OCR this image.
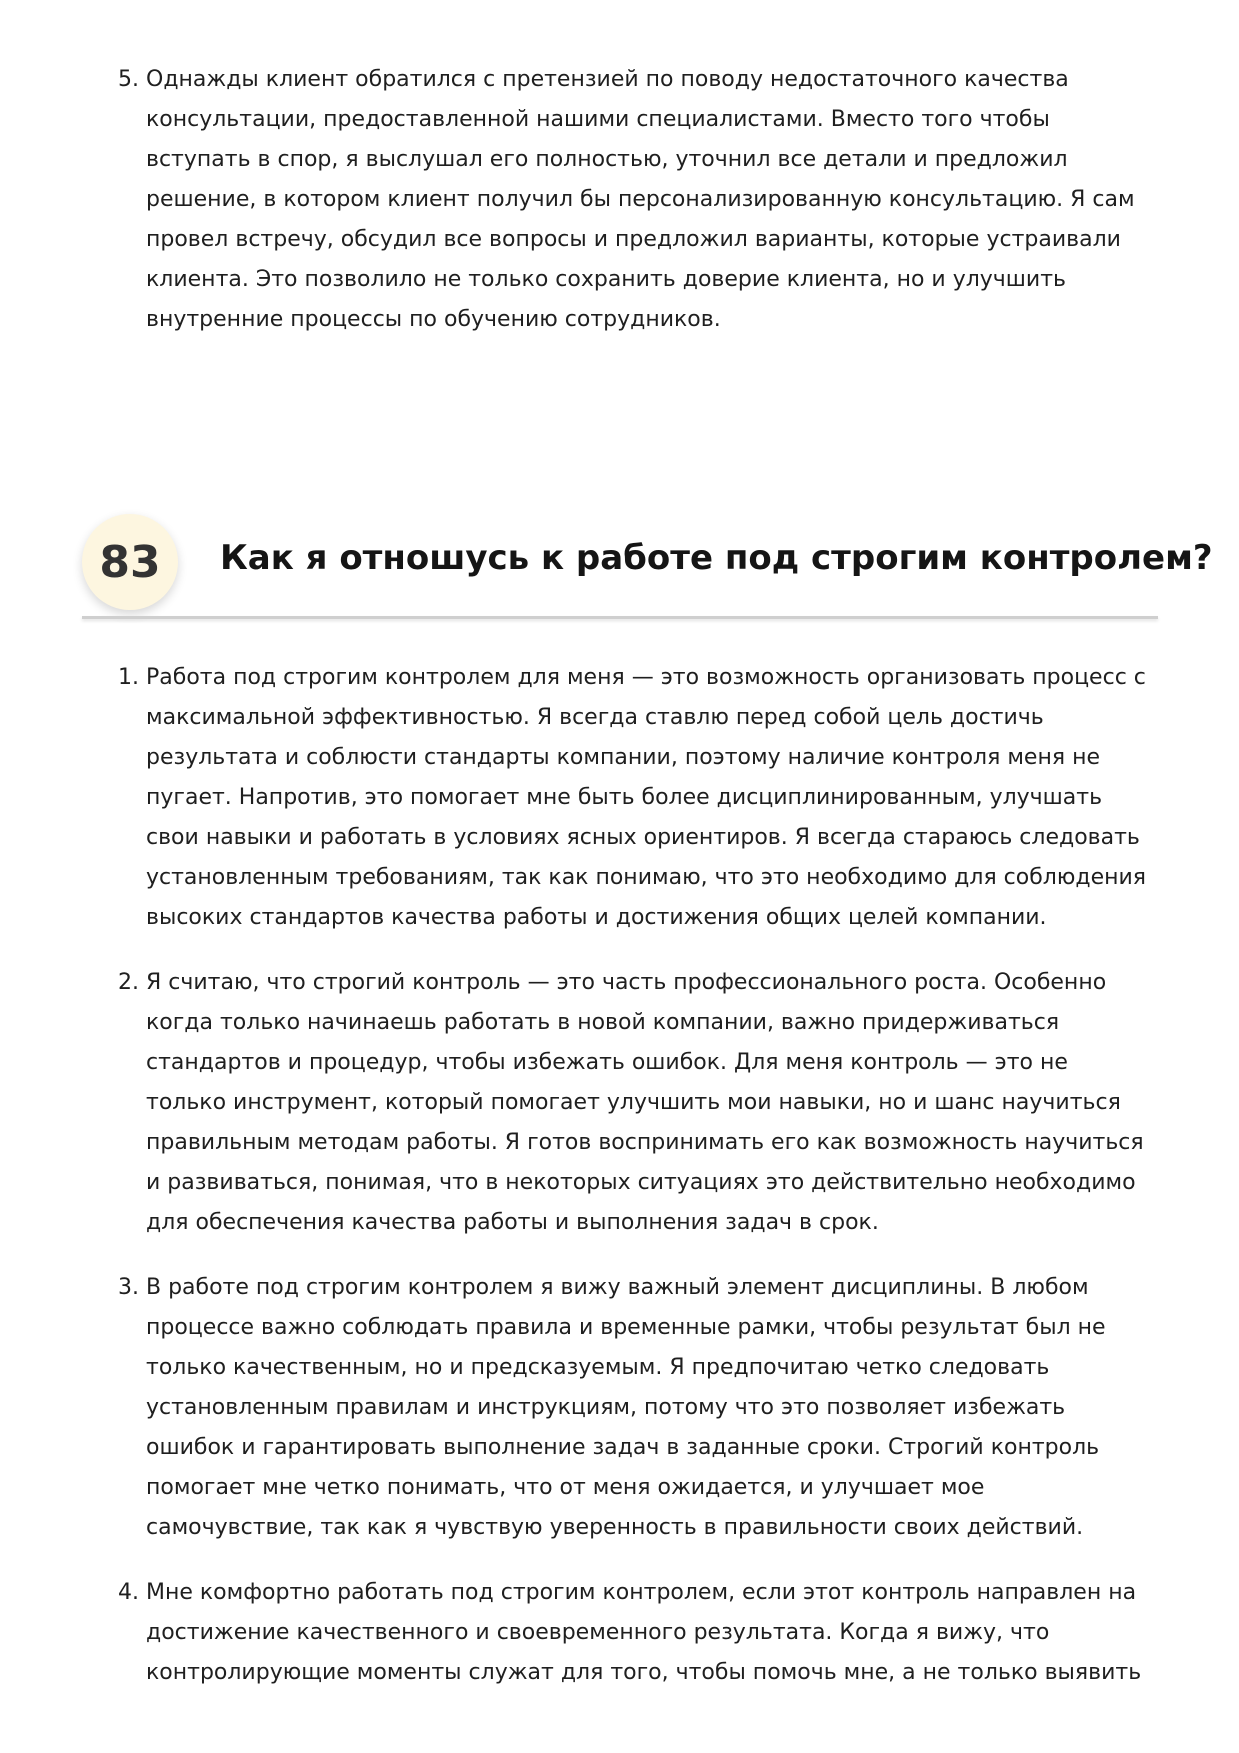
5. Однажды клиент обратился с претензией по поводу недостаточного качества консультации, предоставленной нашими специалистами. Вместо того чтобы вступать в спор, я выслушал его полностью, уточнил все детали и предложил решение, в котором клиент получил бы персонализированную консультацию. Я сам провел встречу, обсудил все вопросы и предложил варианты, которые устраивали клиента. Это позволило не только сохранить доверие клиента, но и улучшить внутренние процессы по обучению сотрудников.
83	Как я отношусь к работе под строгим контролем?
1. Работа под строгим контролем для меня — это возможность организовать процесс с максимальной эффективностью. Я всегда ставлю перед собой цель достичь результата и соблюсти стандарты компании, поэтому наличие контроля меня не пугает. Напротив, это помогает мне быть более дисциплинированным, улучшать свои навыки и работать в условиях ясных ориентиров. Я всегда стараюсь следовать установленным требованиям, так как понимаю, что это необходимо для соблюдения высоких стандартов качества работы и достижения общих целей компании.
2. Я считаю, что строгий контроль — это часть профессионального роста. Особенно когда только начинаешь работать в новой компании, важно придерживаться стандартов и процедур, чтобы избежать ошибок. Для меня контроль — это не только инструмент, который помогает улучшить мои навыки, но и шанс научиться правильным методам работы. Я готов воспринимать его как возможность научиться и развиваться, понимая, что в некоторых ситуациях это действительно необходимо для обеспечения качества работы и выполнения задач в срок.
3. В работе под строгим контролем я вижу важный элемент дисциплины. В любом процессе важно соблюдать правила и временные рамки, чтобы результат был не только качественным, но и предсказуемым. Я предпочитаю четко следовать установленным правилам и инструкциям, потому что это позволяет избежать ошибок и гарантировать выполнение задач в заданные сроки. Строгий контроль помогает мне четко понимать, что от меня ожидается, и улучшает мое самочувствие, так как я чувствую уверенность в правильности своих действий.
4. Мне комфортно работать под строгим контролем, если этот контроль направлен на достижение качественного и своевременного результата. Когда я вижу, что контролирующие моменты служат для того, чтобы помочь мне, а не только выявить
